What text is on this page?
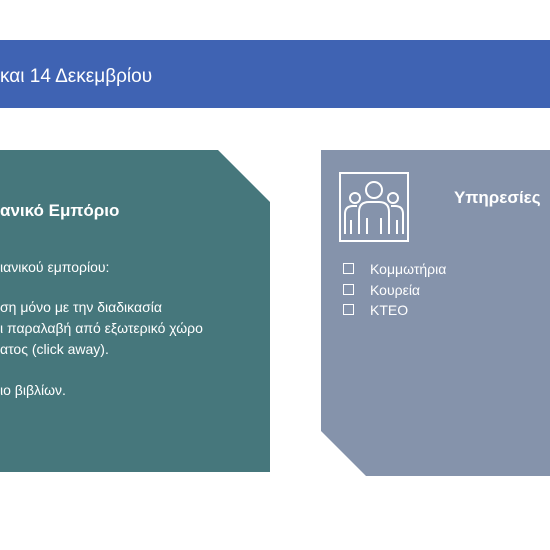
και 14 Δεκεμβρίου
ανικό Εμπόριο
ιανικού εμπορίου:
ση μόνο με την διαδικασία
ι παραλαβή από εξωτερικό χώρο
ατος (click away).
ιο βιβλίων.
Υπηρεσίες
Κομμωτήρια
Κουρεία
ΚΤΕΟ
